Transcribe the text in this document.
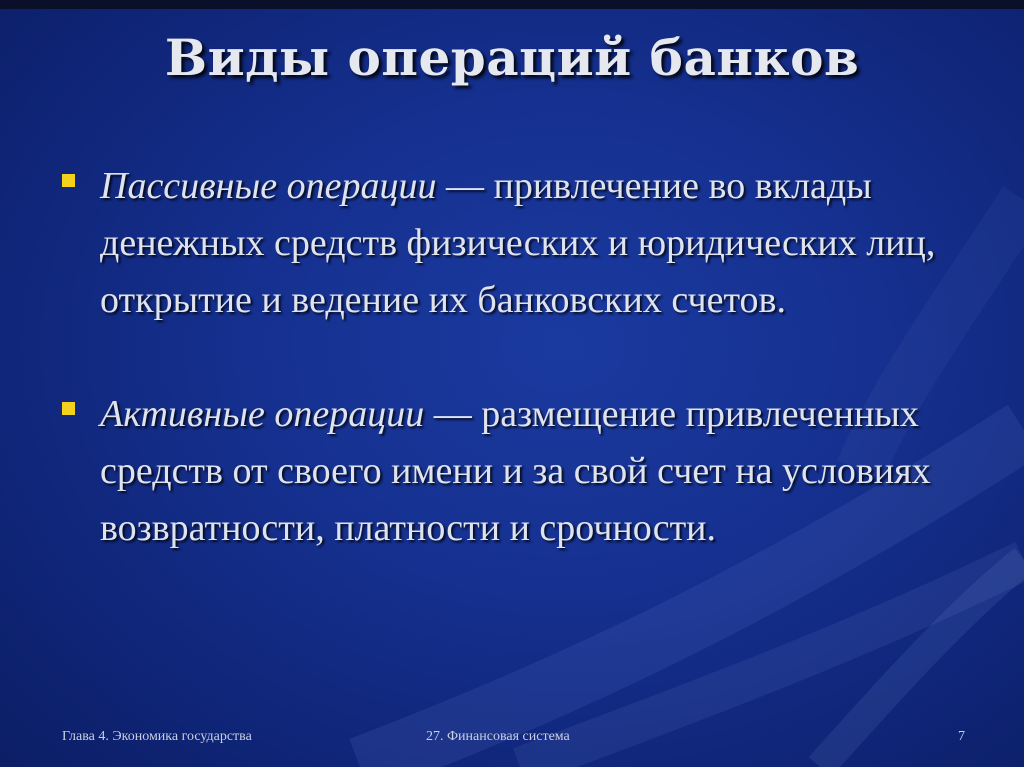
Виды операций банков
Пассивные операции — привлечение во вклады денежных средств физических и юридических лиц, открытие и ведение их банковских счетов.
Активные операции — размещение привлеченных средств от своего имени и за свой счет на условиях возвратности, платности и срочности.
Глава 4. Экономика государства	27. Финансовая система	7
